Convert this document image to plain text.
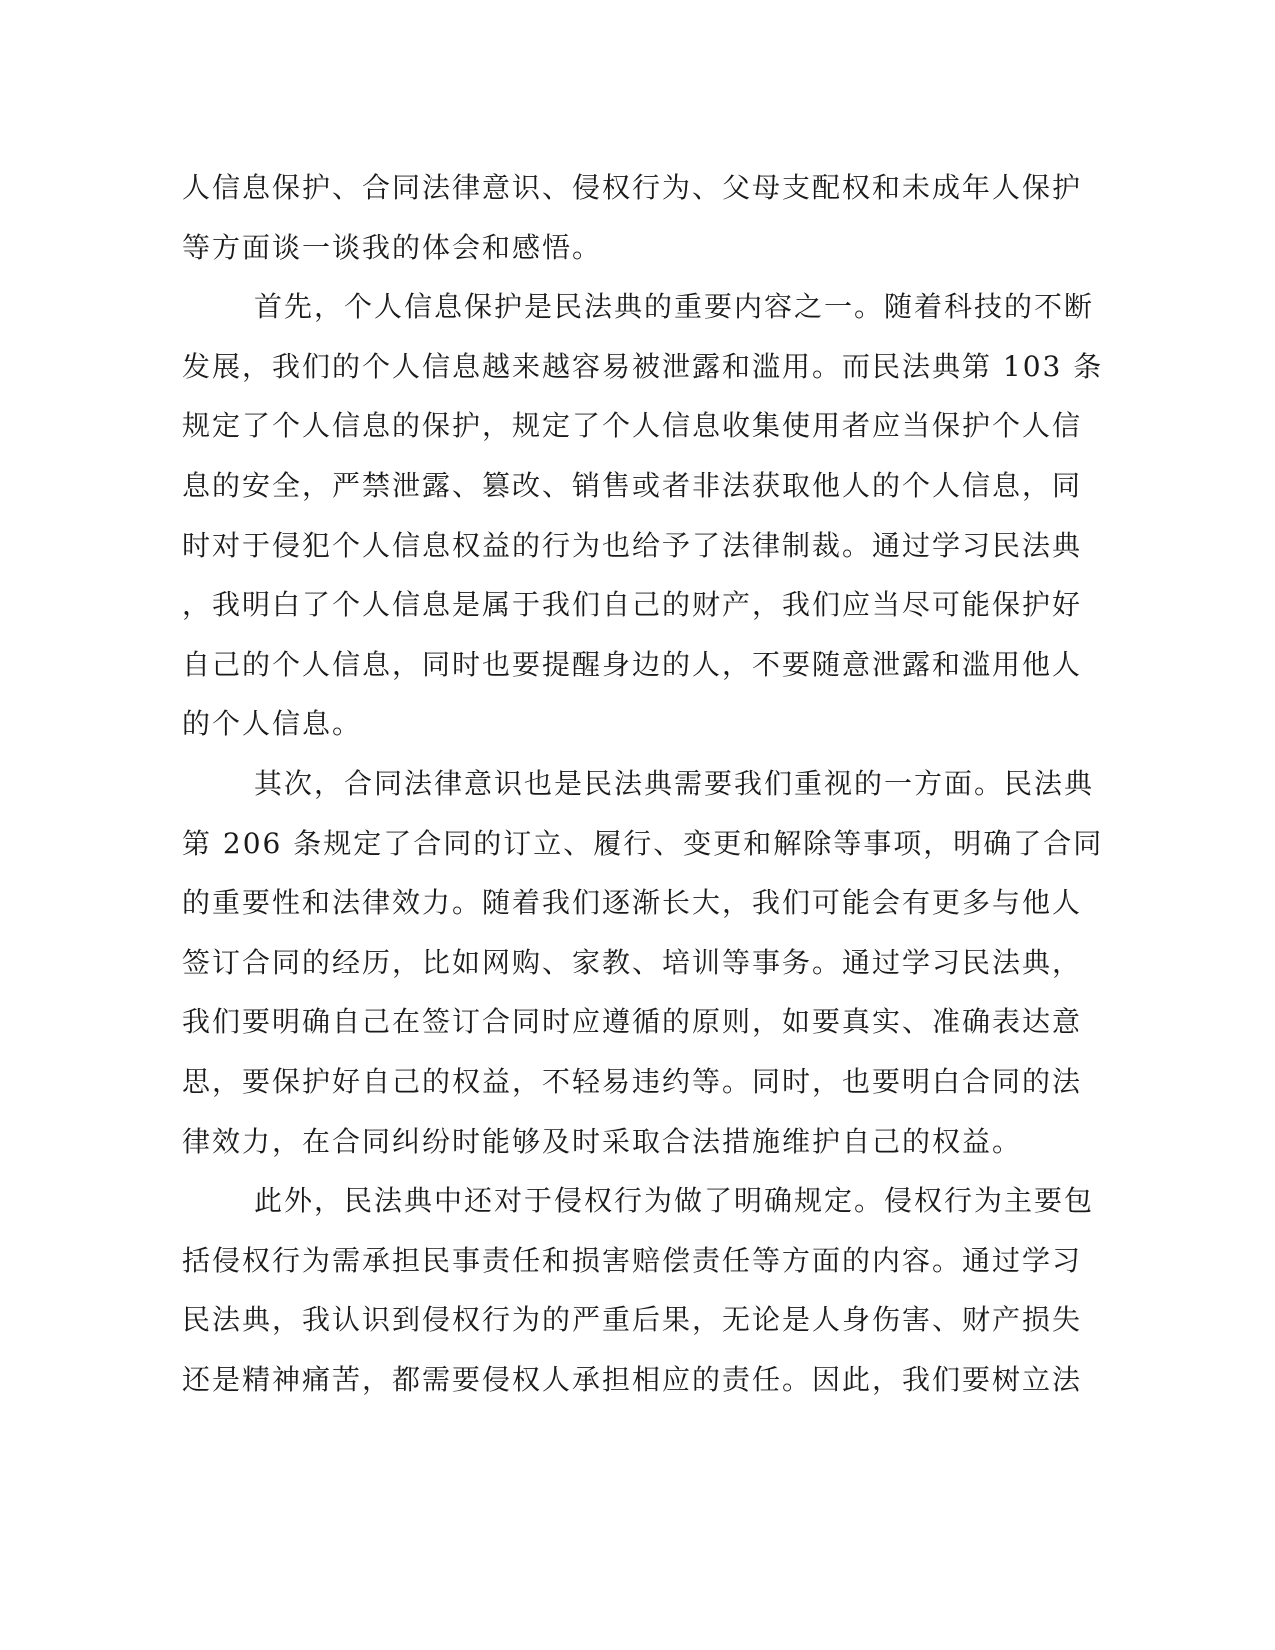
人信息保护、合同法律意识、侵权行为、父母支配权和未成年人保护
等方面谈一谈我的体会和感悟。
首先，个人信息保护是民法典的重要内容之一。随着科技的不断
发展，我们的个人信息越来越容易被泄露和滥用。而民法典第 103 条
规定了个人信息的保护，规定了个人信息收集使用者应当保护个人信
息的安全，严禁泄露、篡改、销售或者非法获取他人的个人信息，同
时对于侵犯个人信息权益的行为也给予了法律制裁。通过学习民法典
，我明白了个人信息是属于我们自己的财产，我们应当尽可能保护好
自己的个人信息，同时也要提醒身边的人，不要随意泄露和滥用他人
的个人信息。
其次，合同法律意识也是民法典需要我们重视的一方面。民法典
第 206 条规定了合同的订立、履行、变更和解除等事项，明确了合同
的重要性和法律效力。随着我们逐渐长大，我们可能会有更多与他人
签订合同的经历，比如网购、家教、培训等事务。通过学习民法典，
我们要明确自己在签订合同时应遵循的原则，如要真实、准确表达意
思，要保护好自己的权益，不轻易违约等。同时，也要明白合同的法
律效力，在合同纠纷时能够及时采取合法措施维护自己的权益。
此外，民法典中还对于侵权行为做了明确规定。侵权行为主要包
括侵权行为需承担民事责任和损害赔偿责任等方面的内容。通过学习
民法典，我认识到侵权行为的严重后果，无论是人身伤害、财产损失
还是精神痛苦，都需要侵权人承担相应的责任。因此，我们要树立法
